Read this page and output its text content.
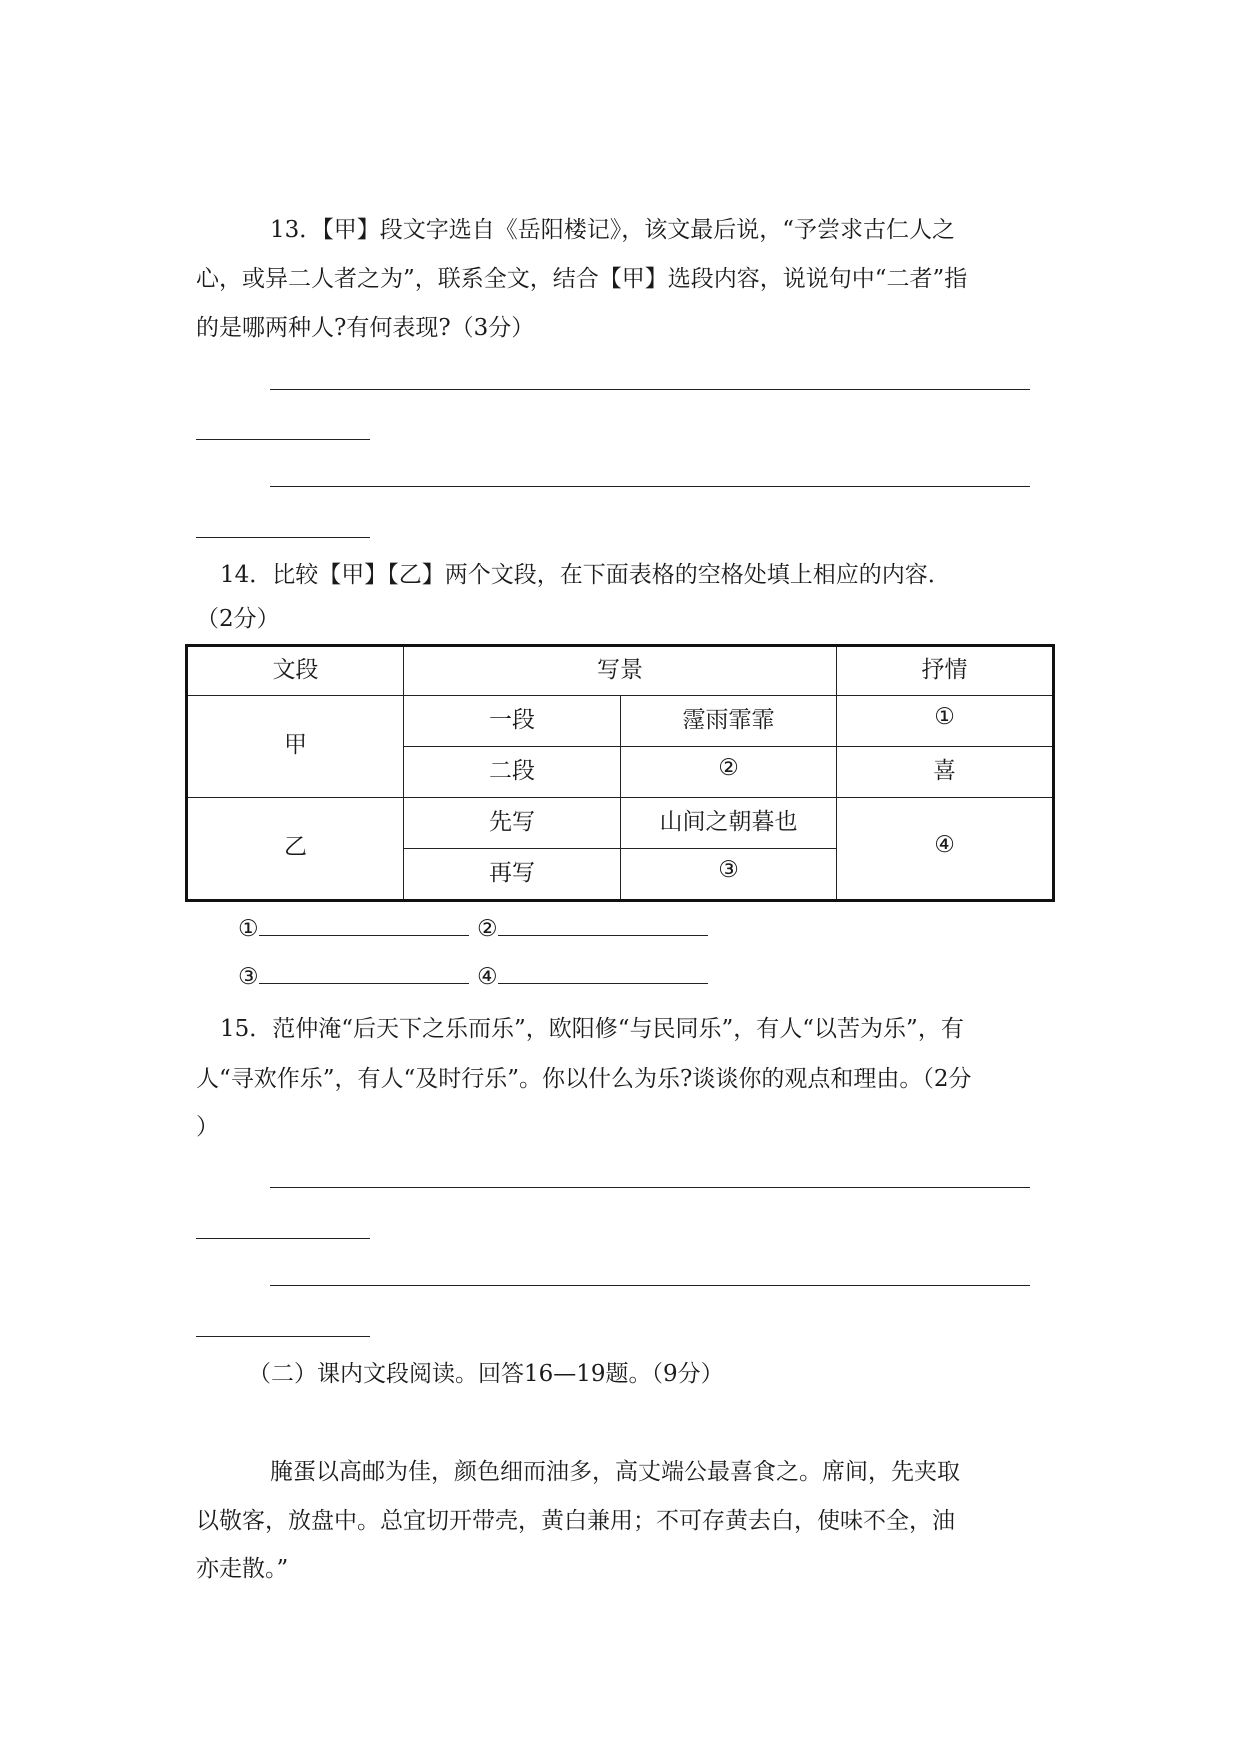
13．【甲】段文字选自《岳阳楼记》，该文最后说，“予尝求古仁人之
心，或异二人者之为”，联系全文，结合【甲】选段内容，说说句中“二者”指
的是哪两种人?有何表现?（3分）
14．比较【甲】【乙】两个文段，在下面表格的空格处填上相应的内容．
（2分）
文段	写景		抒情

甲	一段	霪雨霏霏	①

	二段	②	喜

乙	先写	山间之朝暮也	④

	再写	③	
①	②
③	④
15．范仲淹“后天下之乐而乐”，欧阳修“与民同乐”，有人“以苦为乐”，有
人“寻欢作乐”，有人“及时行乐”。你以什么为乐?谈谈你的观点和理由。（2分
）
（二）课内文段阅读。回答16—19题。（9分）
腌蛋以高邮为佳，颜色细而油多，高丈端公最喜食之。席间，先夹取
以敬客，放盘中。总宜切开带壳，黄白兼用；不可存黄去白，使味不全，油
亦走散。”
